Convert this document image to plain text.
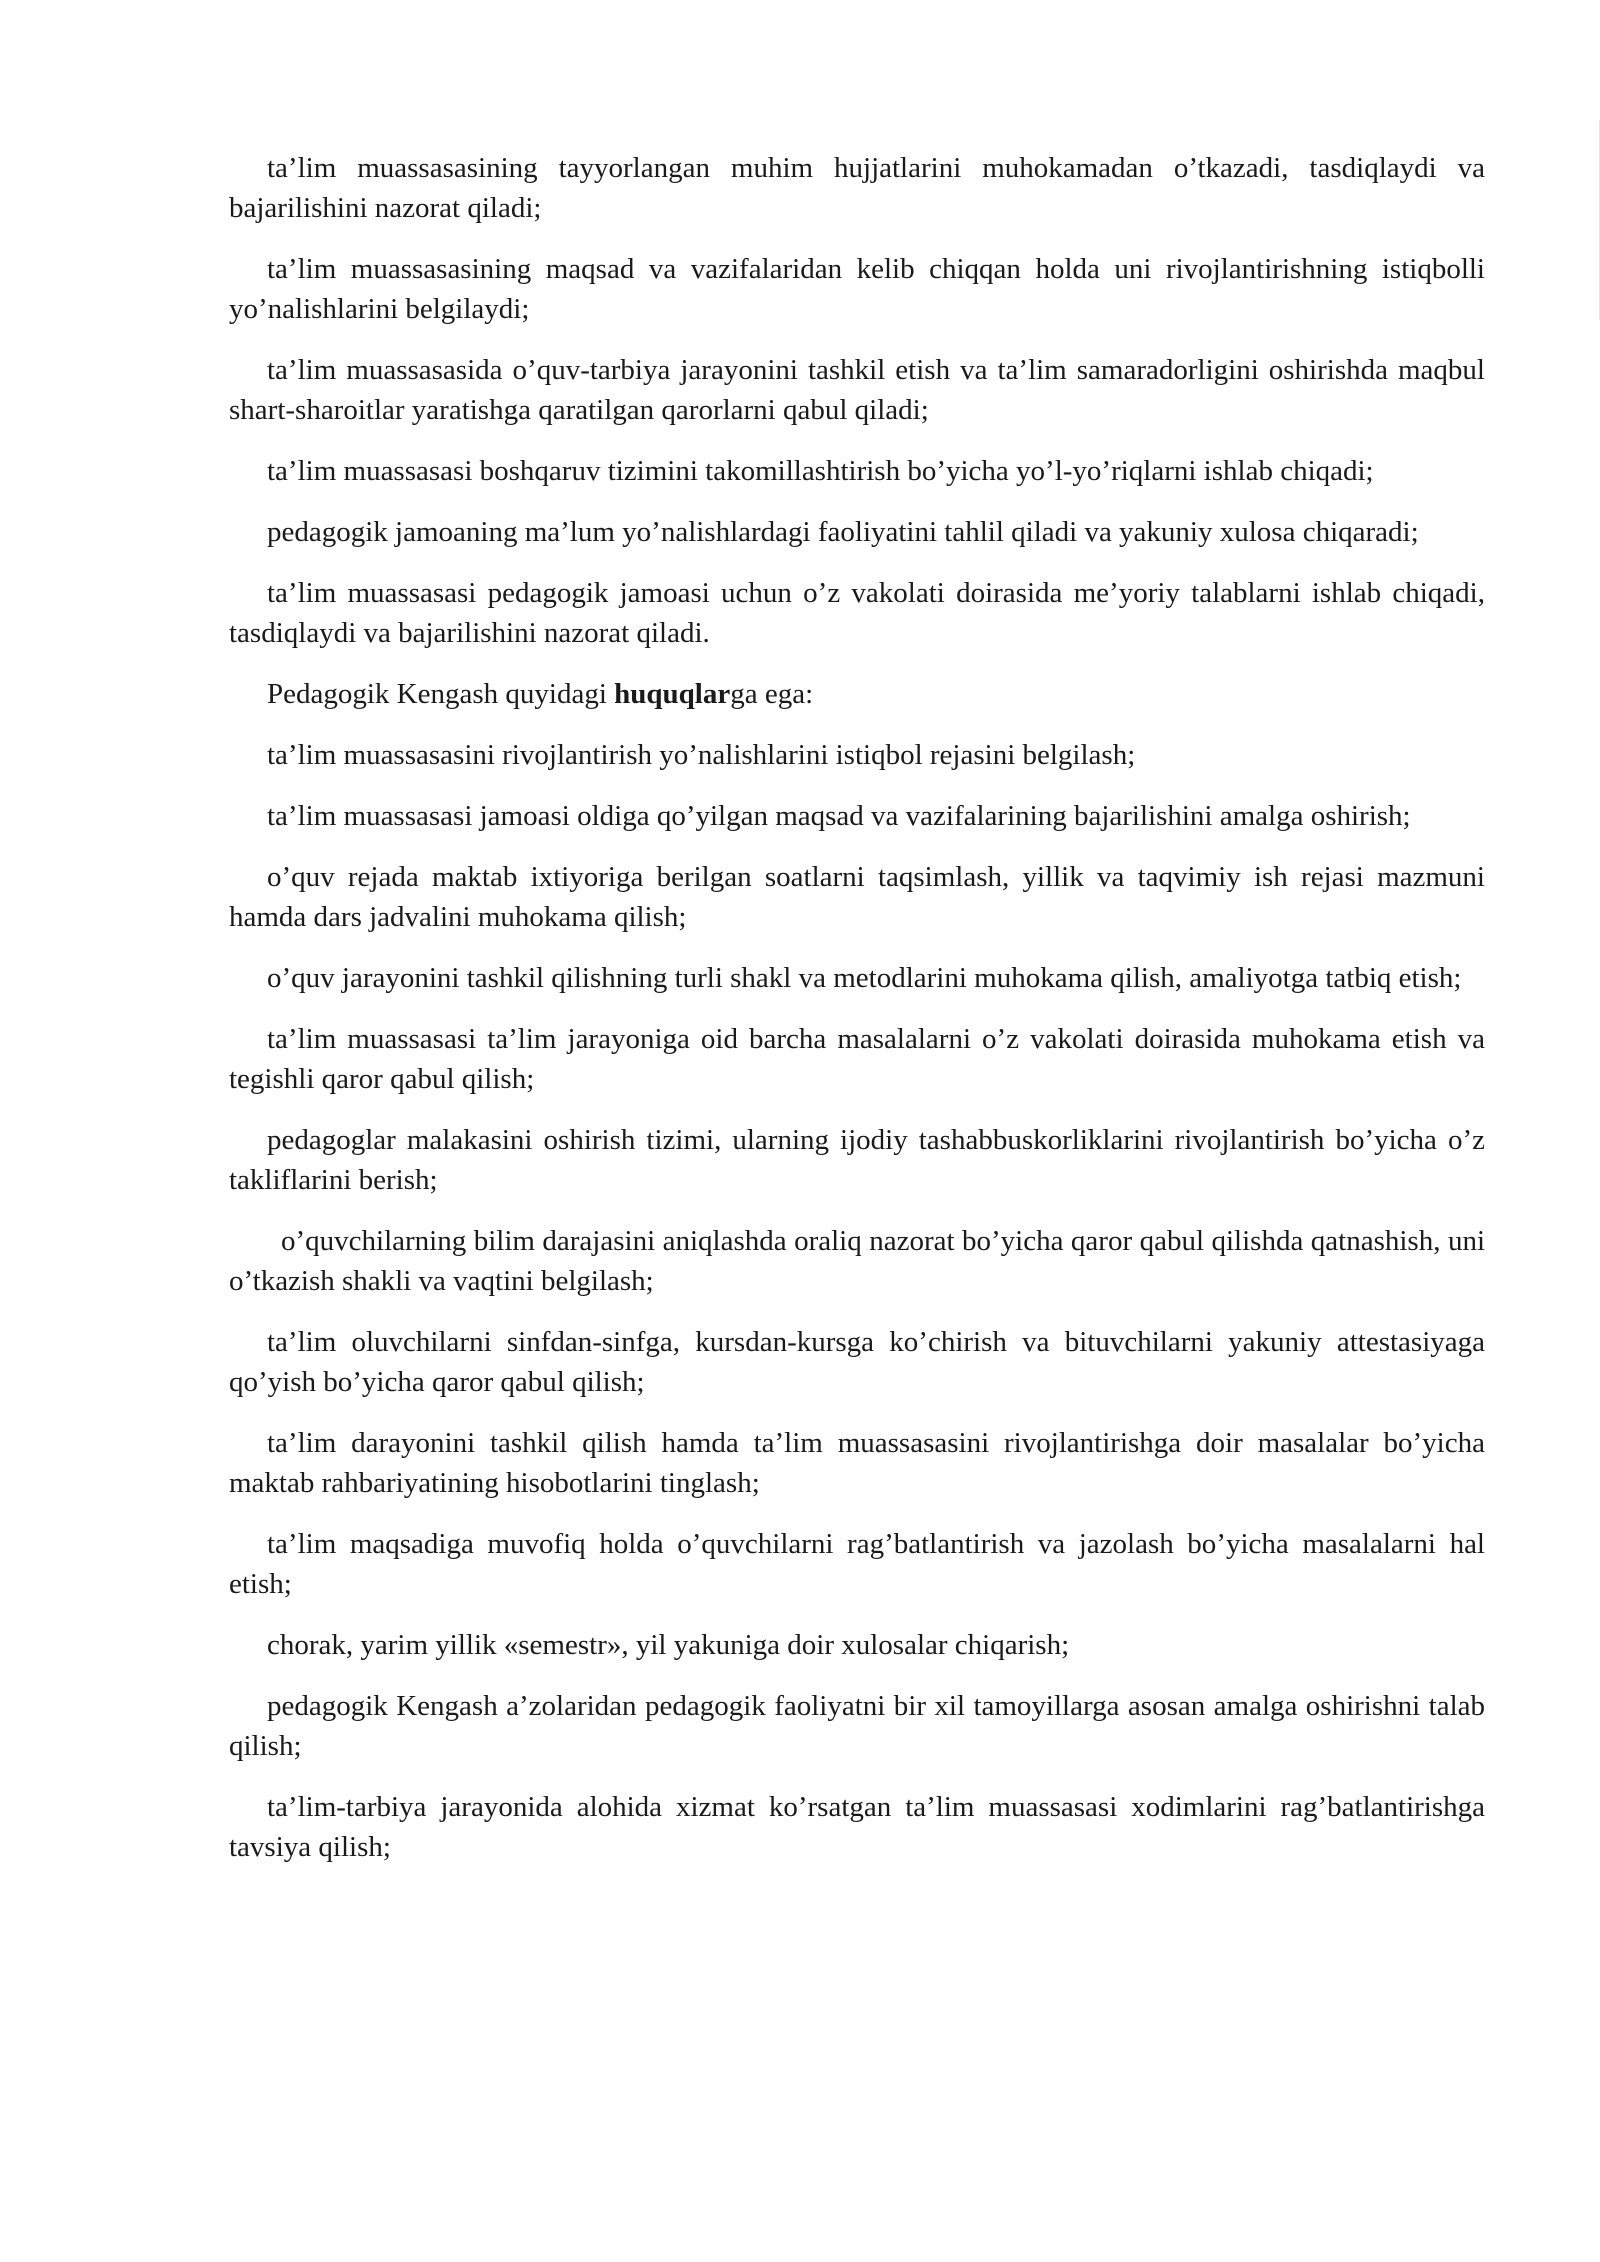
ta’lim muassasasining tayyorlangan muhim hujjatlarini muhokamadan o’tkazadi, tasdiqlaydi va bajarilishini nazorat qiladi;

ta’lim muassasasining maqsad va vazifalaridan kelib chiqqan holda uni rivojlantirishning istiqbolli yo’nalishlarini belgilaydi;

ta’lim muassasasida o’quv-tarbiya jarayonini tashkil etish va ta’lim samaradorligini oshirishda maqbul shart-sharoitlar yaratishga qaratilgan qarorlarni qabul qiladi;

ta’lim muassasasi boshqaruv tizimini takomillashtirish bo’yicha yo’l-yo’riqlarni ishlab chiqadi;

pedagogik jamoaning ma’lum yo’nalishlardagi faoliyatini tahlil qiladi va yakuniy xulosa chiqaradi;

ta’lim muassasasi pedagogik jamoasi uchun o’z vakolati doirasida me’yoriy talablarni ishlab chiqadi, tasdiqlaydi va bajarilishini nazorat qiladi.

Pedagogik Kengash quyidagi huquqlarga ega:

ta’lim muassasasini rivojlantirish yo’nalishlarini istiqbol rejasini belgilash;

ta’lim muassasasi jamoasi oldiga qo’yilgan maqsad va vazifalarining bajarilishini amalga oshirish;

o’quv rejada maktab ixtiyoriga berilgan soatlarni taqsimlash, yillik va taqvimiy ish rejasi mazmuni hamda dars jadvalini muhokama qilish;

o’quv jarayonini tashkil qilishning turli shakl va metodlarini muhokama qilish, amaliyotga tatbiq etish;

ta’lim muassasasi ta’lim jarayoniga oid barcha masalalarni o’z vakolati doirasida muhokama etish va tegishli qaror qabul qilish;

pedagoglar malakasini oshirish tizimi, ularning ijodiy tashabbuskorliklarini rivojlantirish bo’yicha o’z takliflarini berish;

o’quvchilarning bilim darajasini aniqlashda oraliq nazorat bo’yicha qaror qabul qilishda qatnashish, uni o’tkazish shakli va vaqtini belgilash;

ta’lim oluvchilarni sinfdan-sinfga, kursdan-kursga ko’chirish va bituvchilarni yakuniy attestasiyaga qo’yish bo’yicha qaror qabul qilish;

ta’lim darayonini tashkil qilish hamda ta’lim muassasasini rivojlantirishga doir masalalar bo’yicha maktab rahbariyatining hisobotlarini tinglash;

ta’lim maqsadiga muvofiq holda o’quvchilarni rag’batlantirish va jazolash bo’yicha masalalarni hal etish;

chorak, yarim yillik «semestr», yil yakuniga doir xulosalar chiqarish;

pedagogik Kengash a’zolaridan pedagogik faoliyatni bir xil tamoyillarga asosan amalga oshirishni talab qilish;

ta’lim-tarbiya jarayonida alohida xizmat ko’rsatgan ta’lim muassasasi xodimlarini rag’batlantirishga tavsiya qilish;
